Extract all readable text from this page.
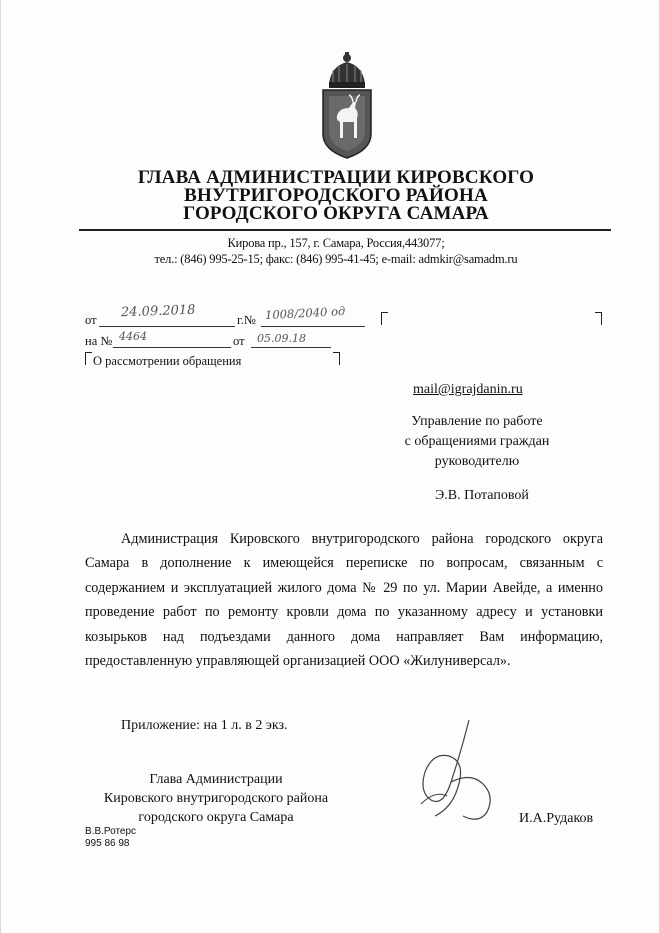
ГЛАВА АДМИНИСТРАЦИИ КИРОВСКОГО
ВНУТРИГОРОДСКОГО РАЙОНА
ГОРОДСКОГО ОКРУГА САМАРА
Кирова пр., 157, г. Самара, Россия,443077;
тел.: (846) 995-25-15; факс: (846) 995-41-45; e-mail: admkir@samadm.ru
от 24.09.2018	г.№ 1008/2040 од
на № 4464	от 05.09.18
О рассмотрении обращения
mail@igrajdanin.ru
Управление по работе
с обращениями граждан
руководителю
Э.В. Потаповой
Администрация Кировского внутригородского района городского округа Самара в дополнение к имеющейся переписке по вопросам, связанным с содержанием и эксплуатацией жилого дома № 29 по ул. Марии Авейде, а именно проведение работ по ремонту кровли дома по указанному адресу и установки козырьков над подъездами данного дома направляет Вам информацию, предоставленную управляющей организацией ООО «Жилуниверсал».
Приложение: на 1 л. в 2 экз.
Глава Администрации
Кировского внутригородского района
городского округа Самара	И.А.Рудаков
В.В.Ротерс
995 86 98
